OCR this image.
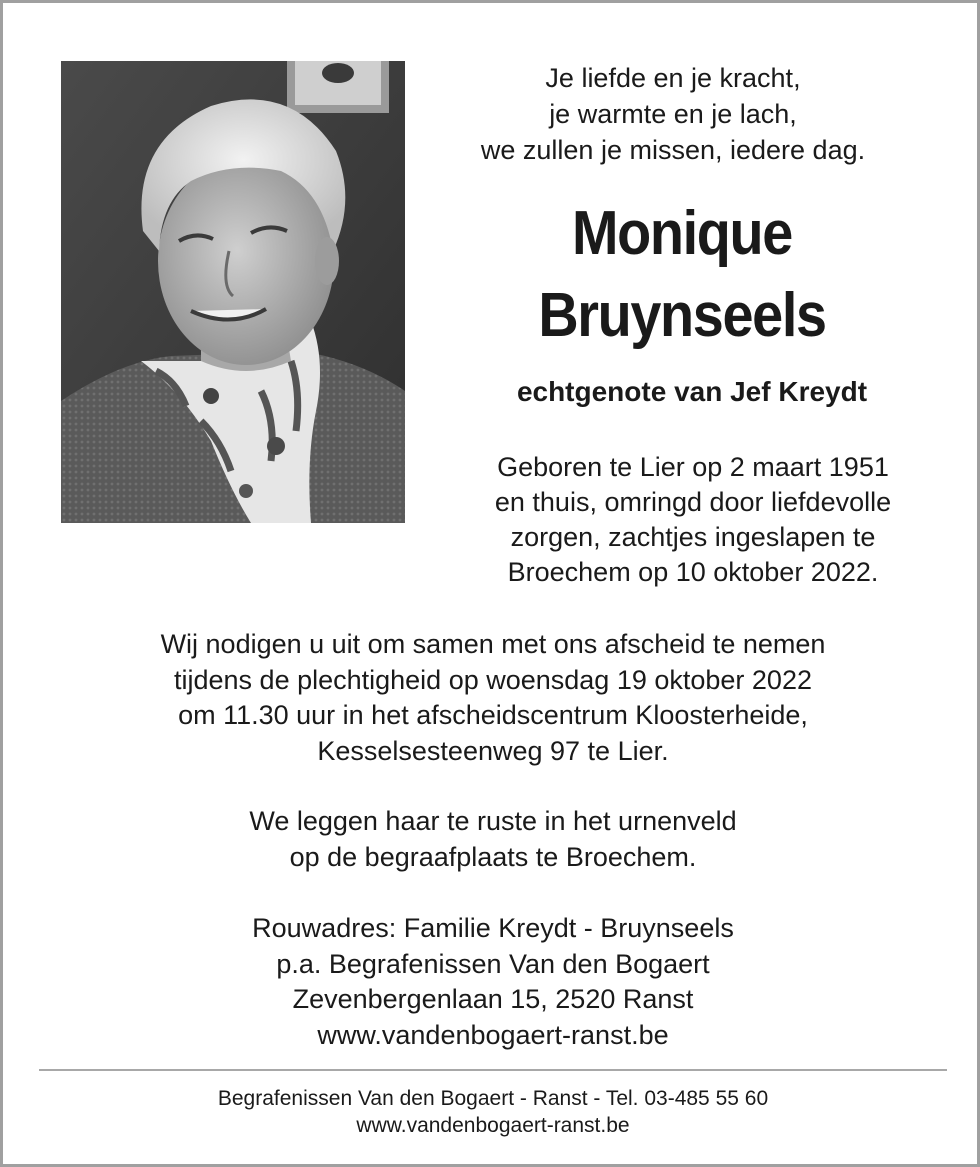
Je liefde en je kracht,
je warmte en je lach,
we zullen je missen, iedere dag.
Monique
Bruynseels
echtgenote van Jef Kreydt
Geboren te Lier op 2 maart 1951
en thuis, omringd door liefdevolle
zorgen, zachtjes ingeslapen te
Broechem op 10 oktober 2022.
Wij nodigen u uit om samen met ons afscheid te nemen
tijdens de plechtigheid op woensdag 19 oktober 2022
om 11.30 uur in het afscheidscentrum Kloosterheide,
Kesselsesteenweg 97 te Lier.
We leggen haar te ruste in het urnenveld
op de begraafplaats te Broechem.
Rouwadres: Familie Kreydt - Bruynseels
p.a. Begrafenissen Van den Bogaert
Zevenbergenlaan 15, 2520 Ranst
www.vandenbogaert-ranst.be
Begrafenissen Van den Bogaert - Ranst - Tel. 03-485 55 60
www.vandenbogaert-ranst.be
